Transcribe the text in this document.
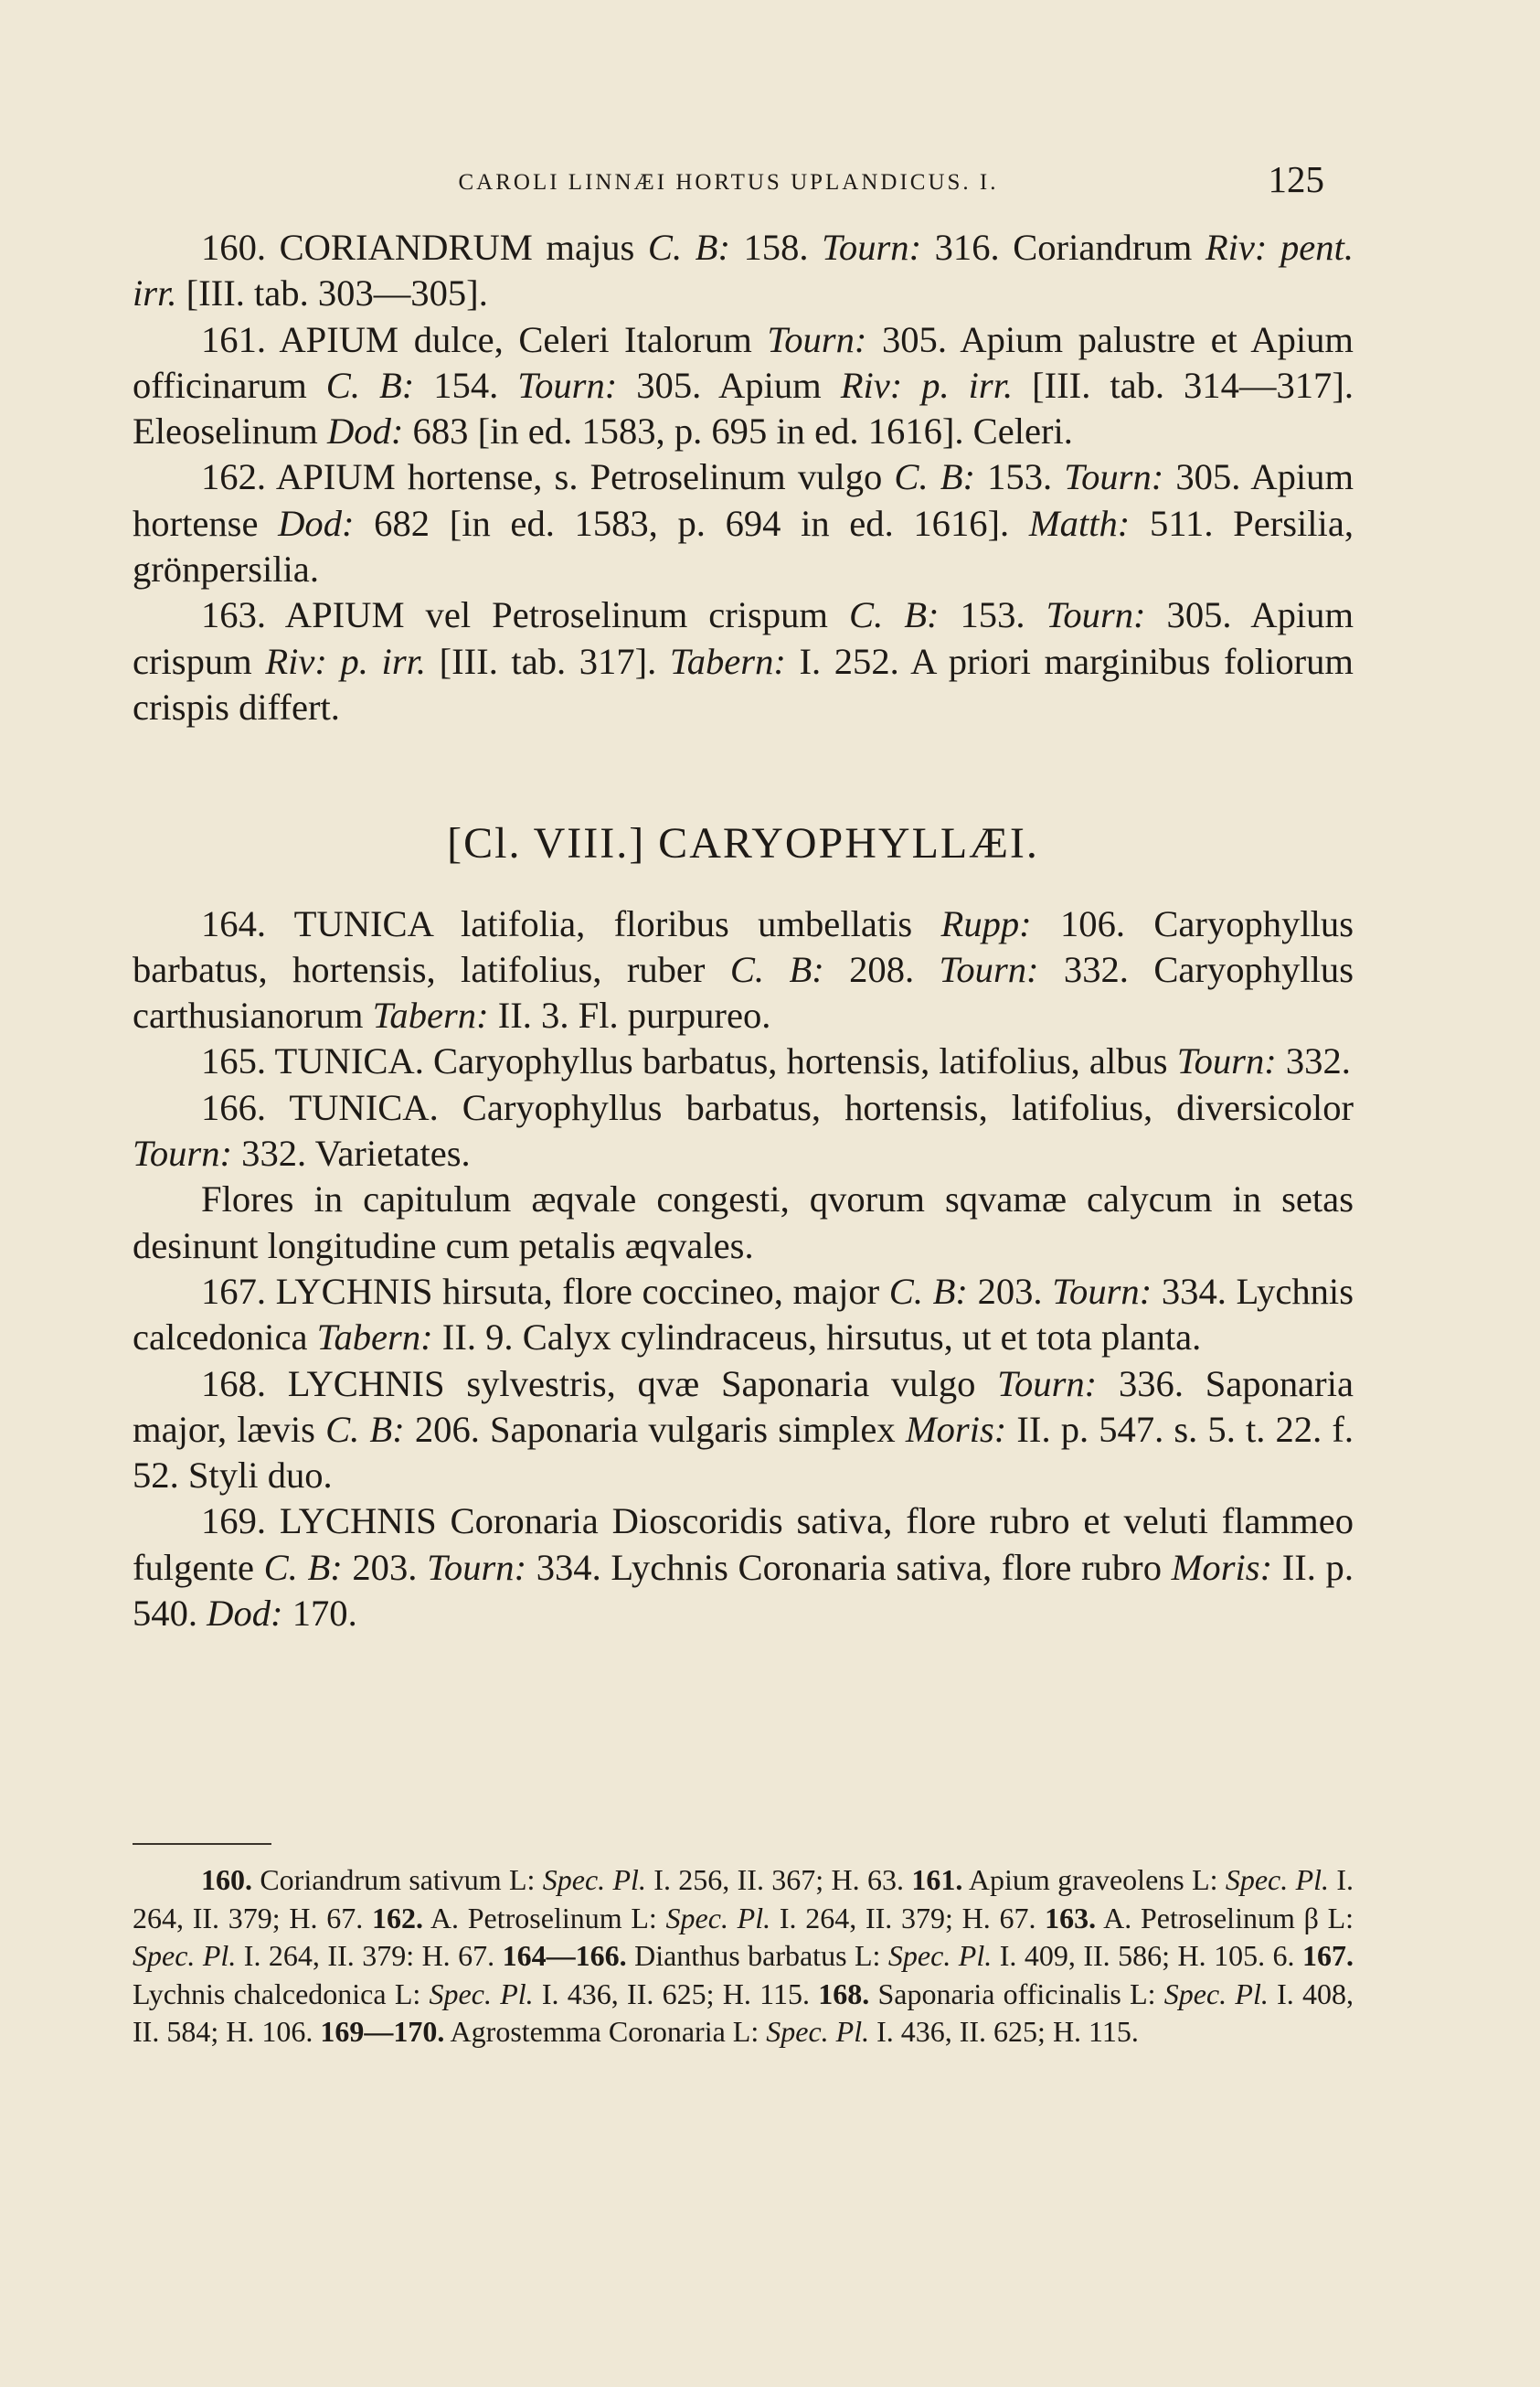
CAROLI LINNÆI HORTUS UPLANDICUS. I.	125

160. CORIANDRUM majus C. B: 158. Tourn: 316. Coriandrum Riv: pent. irr. [III. tab. 303—305].

161. APIUM dulce, Celeri Italorum Tourn: 305. Apium palustre et Apium officinarum C. B: 154. Tourn: 305. Apium Riv: p. irr. [III. tab. 314—317]. Eleoselinum Dod: 683 [in ed. 1583, p. 695 in ed. 1616]. Celeri.

162. APIUM hortense, s. Petroselinum vulgo C. B: 153. Tourn: 305. Apium hortense Dod: 682 [in ed. 1583, p. 694 in ed. 1616]. Matth: 511. Persilia, grönpersilia.

163. APIUM vel Petroselinum crispum C. B: 153. Tourn: 305. Apium crispum Riv: p. irr. [III. tab. 317]. Tabern: I. 252. A priori marginibus foliorum crispis differt.

[Cl. VIII.] CARYOPHYLLÆI.

164. TUNICA latifolia, floribus umbellatis Rupp: 106. Caryophyllus barbatus, hortensis, latifolius, ruber C. B: 208. Tourn: 332. Caryophyllus carthusianorum Tabern: II. 3. Fl. purpureo.

165. TUNICA. Caryophyllus barbatus, hortensis, latifolius, albus Tourn: 332.

166. TUNICA. Caryophyllus barbatus, hortensis, latifolius, diversicolor Tourn: 332. Varietates.

Flores in capitulum æqvale congesti, qvorum sqvamæ calycum in setas desinunt longitudine cum petalis æqvales.

167. LYCHNIS hirsuta, flore coccineo, major C. B: 203. Tourn: 334. Lychnis calcedonica Tabern: II. 9. Calyx cylindraceus, hirsutus, ut et tota planta.

168. LYCHNIS sylvestris, qvæ Saponaria vulgo Tourn: 336. Saponaria major, lævis C. B: 206. Saponaria vulgaris simplex Moris: II. p. 547. s. 5. t. 22. f. 52. Styli duo.

169. LYCHNIS Coronaria Dioscoridis sativa, flore rubro et veluti flammeo fulgente C. B: 203. Tourn: 334. Lychnis Coronaria sativa, flore rubro Moris: II. p. 540. Dod: 170.

160. Coriandrum sativum L: Spec. Pl. I. 256, II. 367; H. 63. 161. Apium graveolens L: Spec. Pl. I. 264, II. 379; H. 67. 162. A. Petroselinum L: Spec. Pl. I. 264, II. 379; H. 67. 163. A. Petroselinum β L: Spec. Pl. I. 264, II. 379: H. 67. 164—166. Dianthus barbatus L: Spec. Pl. I. 409, II. 586; H. 105. 6. 167. Lychnis chalcedonica L: Spec. Pl. I. 436, II. 625; H. 115. 168. Saponaria officinalis L: Spec. Pl. I. 408, II. 584; H. 106. 169—170. Agrostemma Coronaria L: Spec. Pl. I. 436, II. 625; H. 115.
